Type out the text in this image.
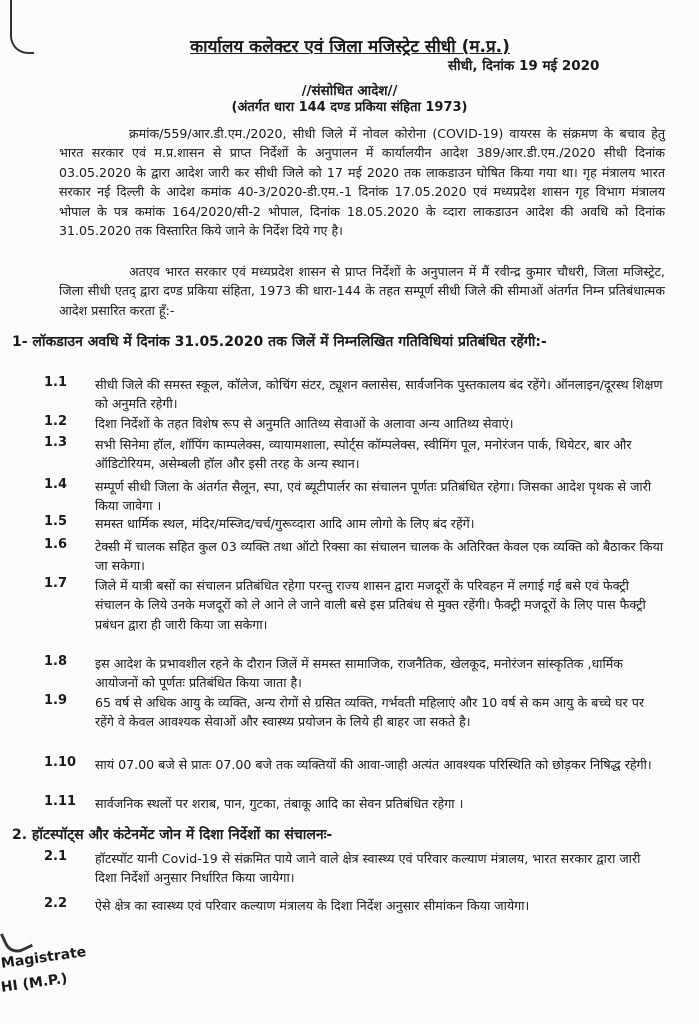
कार्यालय कलेक्टर एवं जिला मजिस्ट्रेट सीधी (म.प्र.)
सीधी, दिनांक 19 मई 2020
//संसोधित आदेश//
(अंतर्गत धारा 144 दण्ड प्रकिया संहिता 1973)

क्रमांक/559/आर.डी.एम./2020, सीधी जिले में नोवल कोरोना (COVID-19) वायरस के संक्रमण के बचाव हेतु भारत सरकार एवं म.प्र.शासन से प्राप्त निर्देशों के अनुपालन में कार्यालयीन आदेश 389/आर.डी.एम./2020 सीधी दिनांक 03.05.2020 के द्वारा आदेश जारी कर सीधी जिले को 17 मई 2020 तक लाकडाउन घोषित किया गया था। गृह मंत्रालय भारत सरकार नई दिल्ली के आदेश कमांक 40-3/2020-डी.एम.-1 दिनांक 17.05.2020 एवं मध्यप्रदेश शासन गृह विभाग मंत्रालय भोपाल के पत्र कमांक 164/2020/सी-2 भोपाल, दिनांक 18.05.2020 के व्दारा लाकडाउन आदेश की अवधि को दिनांक 31.05.2020 तक विस्तारित किये जाने के निर्देश दिये गए है।

अतएव भारत सरकार एवं मध्यप्रदेश शासन से प्राप्त निर्देशों के अनुपालन में मैं रवीन्द्र कुमार चौधरी, जिला मजिस्ट्रेट, जिला सीधी एतद् द्वारा दण्ड प्रकिया संहिता, 1973 की धारा-144 के तहत सम्पूर्ण सीधी जिले की सीमाओं अंतर्गत निम्न प्रतिबंधात्मक आदेश प्रसारित करता हूँ:-

1- लॉकडाउन अवधि में दिनांक 31.05.2020 तक जिलें में निम्नलिखित गतिविधियां प्रतिबंधित रहेंगी:-
1.1	सीधी जिले की समस्त स्कूल, कॉलेज, कोचिंग संटर, ट्यूशन क्लासेस, सार्वजनिक पुस्तकालय बंद रहेंगे। ऑनलाइन/दूरस्थ शिक्षण को अनुमति रहेगी।
1.2	दिशा निर्देशों के तहत विशेष रूप से अनुमति आतिथ्य सेवाओं के अलावा अन्य आतिथ्य सेवाएं।
1.3	सभी सिनेमा हॉल, शॉपिंग काम्पलेक्स, व्यायामशाला, स्पोर्ट्स कॉम्पलेक्स, स्वीमिंग पूल, मनोरंजन पार्क, थियेटर, बार और ऑडिटोरियम, असेम्बली हॉल और इसी तरह के अन्य स्थान।
1.4	सम्पूर्ण सीधी जिला के अंतर्गत सैलून, स्पा, एवं ब्यूटीपार्लर का संचालन पूर्णतः प्रतिबंधित रहेगा। जिसका आदेश पृथक से जारी किया जावेगा ।
1.5	समस्त धार्मिक स्थल, मंदिर/मस्जिद/चर्च/गुरूव्दारा आदि आम लोगो के लिए बंद रहेंगें।
1.6	टेक्सी में चालक सहित कुल 03 व्यक्ति तथा ऑटो रिक्सा का संचालन चालक के अतिरिक्त केवल एक व्यक्ति को बैठाकर किया जा सकेगा।
1.7	जिले में यात्री बसों का संचालन प्रतिबंधित रहेगा परन्तु राज्य शासन द्वारा मजदूरों के परिवहन में लगाई गई बसे एवं फेक्ट्री संचालन के लिये उनके मजदूरों को ले आने ले जाने वाली बसे इस प्रतिबंध से मुक्त रहेंगी। फैक्ट्री मजदूरों के लिए पास फैक्ट्री प्रबंधन द्वारा ही जारी किया जा सकेगा।
1.8	इस आदेश के प्रभावशील रहने के दौरान जिलें में समस्त सामाजिक, राजनैतिक, खेलकूद, मनोरंजन सांस्कृतिक ,धार्मिक आयोजनों को पूर्णतः प्रतिबंधित किया जाता है।
1.9	65 वर्ष से अधिक आयु के व्यक्ति, अन्य रोगों से ग्रसित व्यक्ति, गर्भवती महिलाएं और 10 वर्ष से कम आयु के बच्चे घर पर रहेंगे वे केवल आवश्यक सेवाओं और स्वास्थ्य प्रयोजन के लिये ही बाहर जा सकते है।
1.10	सायं 07.00 बजे से प्रातः 07.00 बजे तक व्यक्तियों की आवा-जाही अत्यंत आवश्यक परिस्थिति को छोड़कर निषिद्ध रहेगी।
1.11	सार्वजनिक स्थलों पर शराब, पान, गुटका, तंबाकू आदि का सेवन प्रतिबंधित रहेगा ।
2. हॉटस्पॉट्स और कंटेनमेंट जोन में दिशा निर्देशों का संचालनः-
2.1	हॉटस्पॉट यानी Covid-19 से संक्रमित पाये जाने वाले क्षेत्र स्वास्थ्य एवं परिवार कल्याण मंत्रालय, भारत सरकार द्वारा जारी दिशा निर्देशों अनुसार निर्धारित किया जायेगा।
2.2	ऐसे क्षेत्र का स्वास्थ्य एवं परिवार कल्याण मंत्रालय के दिशा निर्देश अनुसार सीमांकन किया जायेगा।
Magistrate
HI (M.P.)
